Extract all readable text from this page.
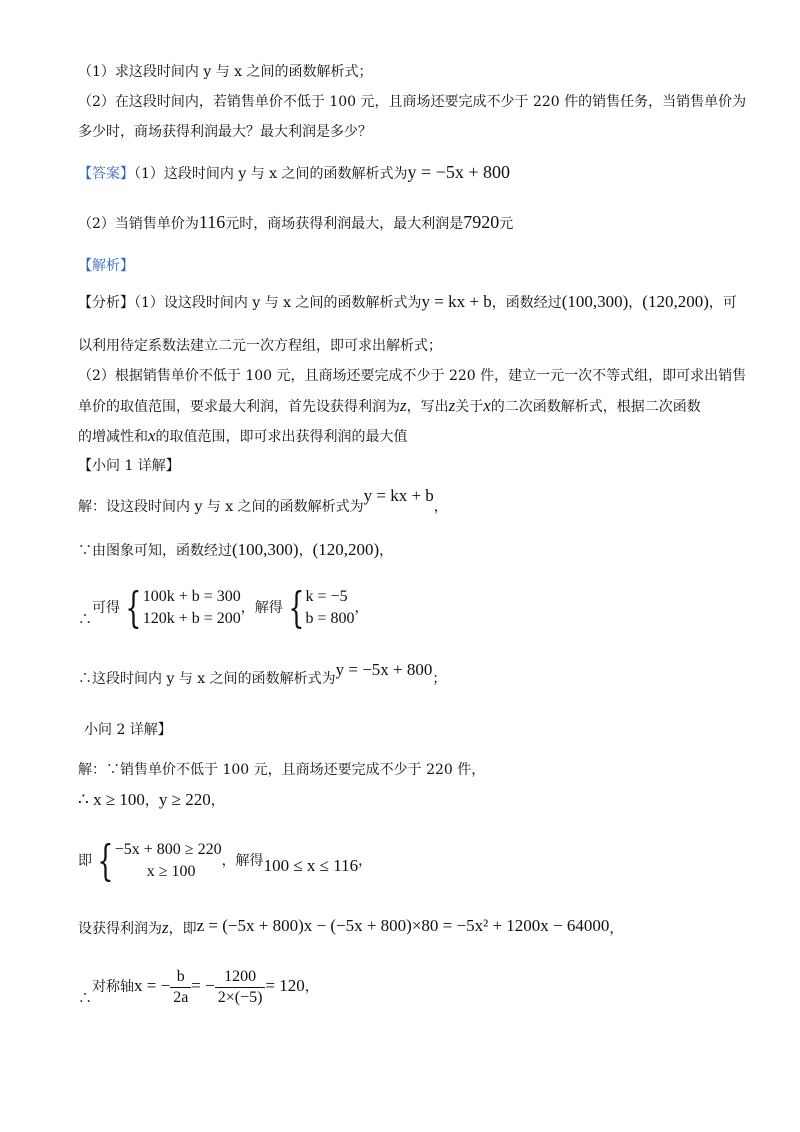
（1）求这段时间内 y 与 x 之间的函数解析式；
（2）在这段时间内，若销售单价不低于 100 元，且商场还要完成不少于 220 件的销售任务，当销售单价为
多少时，商场获得利润最大？最大利润是多少？
【答案】（1）这段时间内 y 与 x 之间的函数解析式为y = −5x + 800
（2）当销售单价为116元时，商场获得利润最大，最大利润是7920元
【解析】
【分析】（1）设这段时间内 y 与 x 之间的函数解析式为y = kx + b，函数经过(100,300)，(120,200)，可
以利用待定系数法建立二元一次方程组，即可求出解析式；
（2）根据销售单价不低于 100 元，且商场还要完成不少于 220 件，建立一元一次不等式组，即可求出销售
单价的取值范围，要求最大利润，首先设获得利润为z，写出z关于x的二次函数解析式，根据二次函数
的增减性和x的取值范围，即可求出获得利润的最大值
【小问 1 详解】
解：设这段时间内 y 与 x 之间的函数解析式为y = kx + b，
∵由图象可知，函数经过(100,300)，(120,200)，
∴可得 { 100k + b = 300
120k + b = 200
，解得 { k = −5
b = 800
，
∴这段时间内 y 与 x 之间的函数解析式为y = −5x + 800；
小问 2 详解】
解：∵销售单价不低于 100 元，且商场还要完成不少于 220 件，
∴ x ≥ 100，y ≥ 220，
即 { −5x + 800 ≥ 220
x ≥ 100
，解得100 ≤ x ≤ 116，
设获得利润为z，即z = (−5x + 800)x − (−5x + 800)×80 = −5x² + 1200x − 64000，
∴对称轴x = − $\frac{b}{2a}$ = − $\frac{1200}{2\times(-5)} = 120$，
